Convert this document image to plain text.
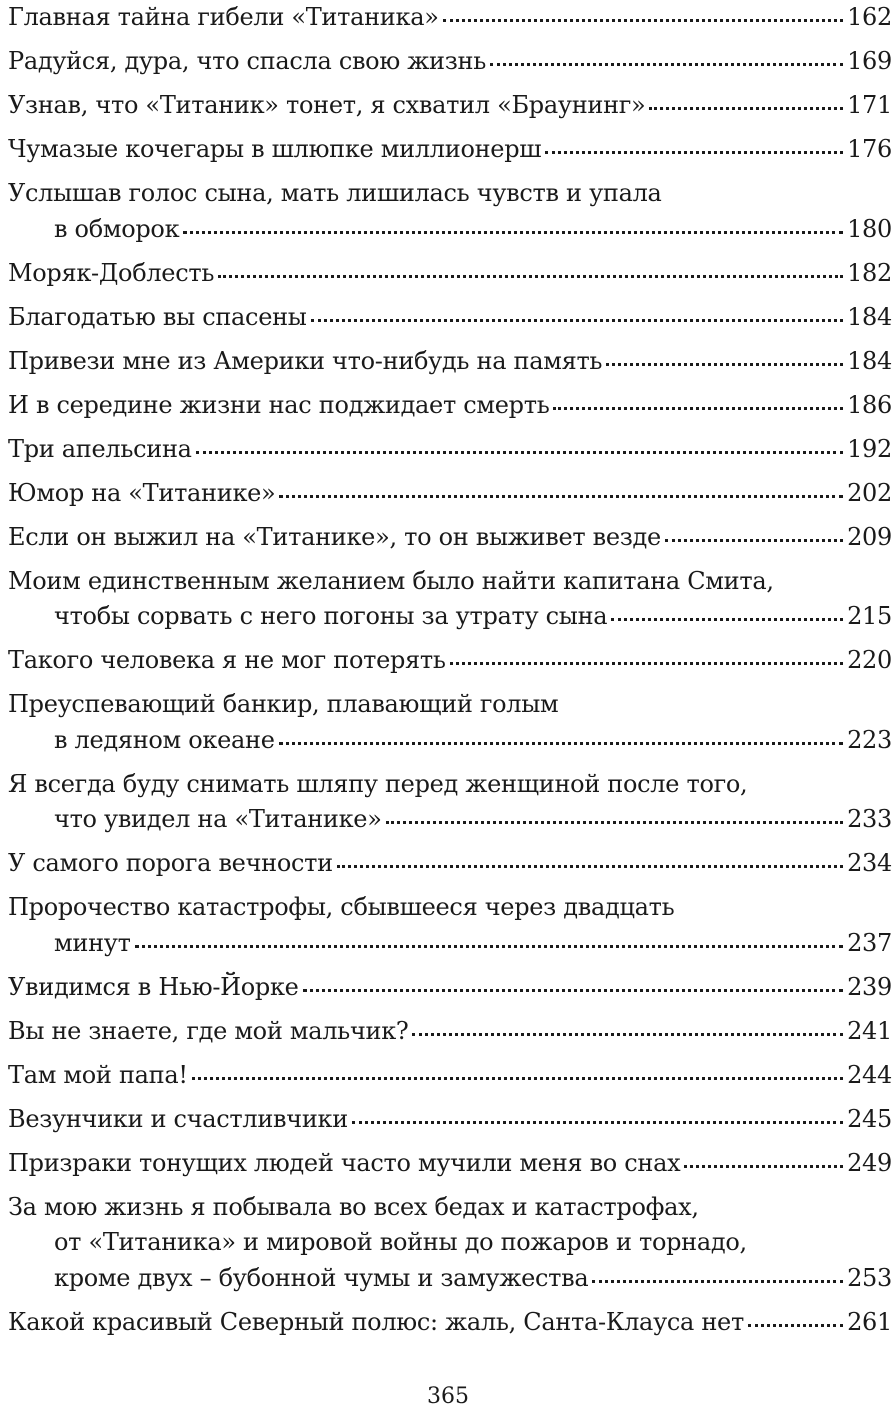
Главная тайна гибели «Титаника»	162
Радуйся, дура, что спасла свою жизнь	169
Узнав, что «Титаник» тонет, я схватил «Браунинг»	171
Чумазые кочегары в шлюпке миллионерш	176
Услышав голос сына, мать лишилась чувств и упала
в обморок	180
Моряк-Доблесть	182
Благодатью вы спасены	184
Привези мне из Америки что-нибудь на память	184
И в середине жизни нас поджидает смерть	186
Три апельсина	192
Юмор на «Титанике»	202
Если он выжил на «Титанике», то он выживет везде	209
Моим единственным желанием было найти капитана Смита,
чтобы сорвать с него погоны за утрату сына	215
Такого человека я не мог потерять	220
Преуспевающий банкир, плавающий голым
в ледяном океане	223
Я всегда буду снимать шляпу перед женщиной после того,
что увидел на «Титанике»	233
У самого порога вечности	234
Пророчество катастрофы, сбывшееся через двадцать
минут	237
Увидимся в Нью-Йорке	239
Вы не знаете, где мой мальчик?	241
Там мой папа!	244
Везунчики и счастливчики	245
Призраки тонущих людей часто мучили меня во снах	249
За мою жизнь я побывала во всех бедах и катастрофах,
от «Титаника» и мировой войны до пожаров и торнадо,
кроме двух – бубонной чумы и замужества	253
Какой красивый Северный полюс: жаль, Санта-Клауса нет	261
365
